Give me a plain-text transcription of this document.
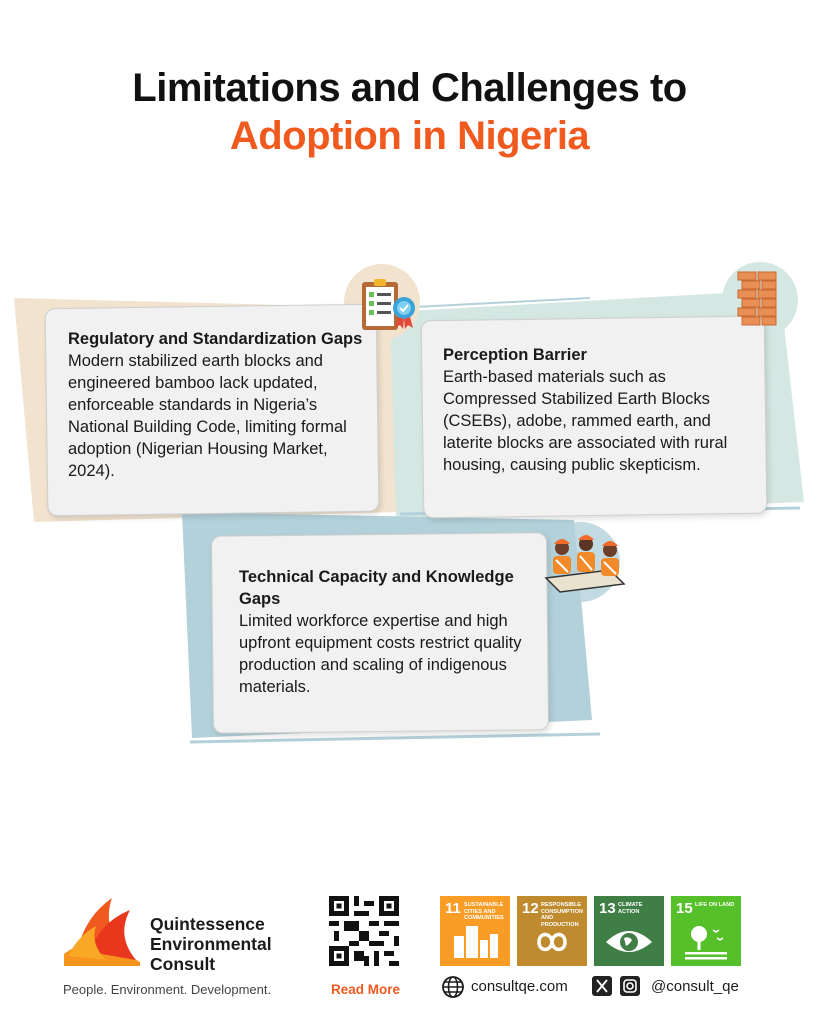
Limitations and Challenges to
Adoption in Nigeria
Regulatory and Standardization Gaps
Modern stabilized earth blocks and engineered bamboo lack updated, enforceable standards in Nigeria’s National Building Code, limiting formal adoption (Nigerian Housing Market, 2024).
Perception Barrier
Earth-based materials such as Compressed Stabilized Earth Blocks (CSEBs), adobe, rammed earth, and laterite blocks are associated with rural housing, causing public skepticism.
Technical Capacity and Knowledge Gaps
Limited workforce expertise and high upfront equipment costs restrict quality production and scaling of indigenous materials.
Quintessence
Environmental
Consult
People. Environment. Development.	Read More
11 SUSTAINABLE CITIES AND COMMUNITIES
12 RESPONSIBLE CONSUMPTION AND PRODUCTION
13 CLIMATE ACTION	15 LIFE ON LAND
consultqe.com	@consult_qe
